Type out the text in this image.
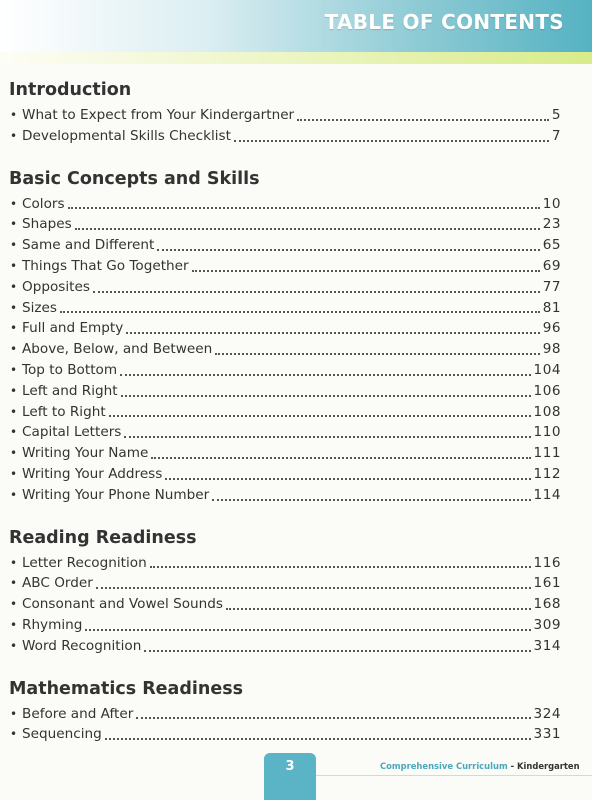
TABLE OF CONTENTS
Introduction
• What to Expect from Your Kindergartner	5
• Developmental Skills Checklist	7
Basic Concepts and Skills
• Colors	10
• Shapes	23
• Same and Different	65
• Things That Go Together	69
• Opposites	77
• Sizes	81
• Full and Empty	96
• Above, Below, and Between	98
• Top to Bottom	104
• Left and Right	106
• Left to Right	108
• Capital Letters	110
• Writing Your Name	111
• Writing Your Address	112
• Writing Your Phone Number	114
Reading Readiness
• Letter Recognition	116
• ABC Order	161
• Consonant and Vowel Sounds	168
• Rhyming	309
• Word Recognition	314
Mathematics Readiness
• Before and After	324
• Sequencing	331
3	Comprehensive Curriculum - Kindergarten
